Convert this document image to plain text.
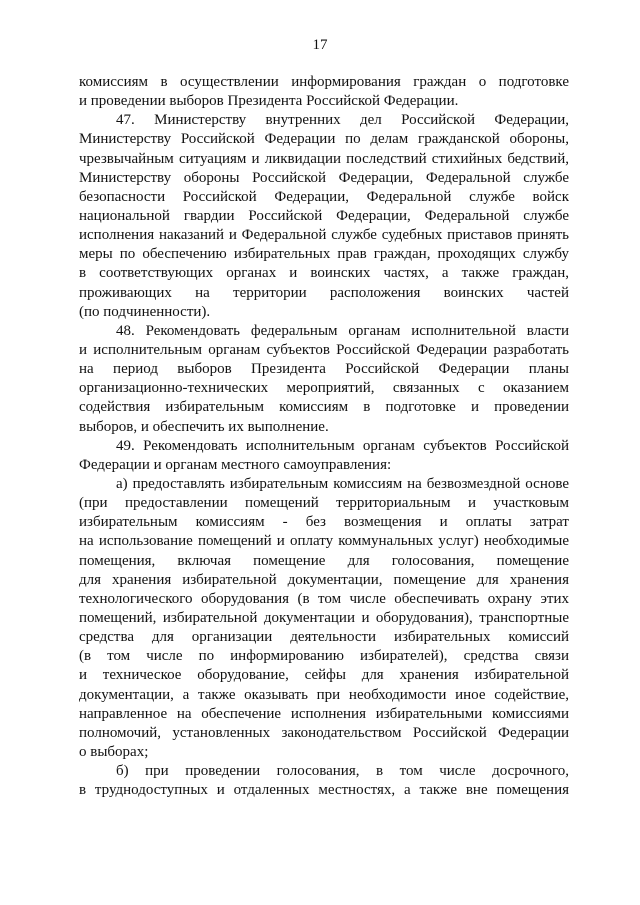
17
комиссиям в осуществлении информирования граждан о подготовке
и проведении выборов Президента Российской Федерации.
47. Министерству внутренних дел Российской Федерации,
Министерству Российской Федерации по делам гражданской обороны,
чрезвычайным ситуациям и ликвидации последствий стихийных бедствий,
Министерству обороны Российской Федерации, Федеральной службе
безопасности Российской Федерации, Федеральной службе войск
национальной гвардии Российской Федерации, Федеральной службе
исполнения наказаний и Федеральной службе судебных приставов принять
меры по обеспечению избирательных прав граждан, проходящих службу
в соответствующих органах и воинских частях, а также граждан,
проживающих на территории расположения воинских частей
(по подчиненности).
48. Рекомендовать федеральным органам исполнительной власти
и исполнительным органам субъектов Российской Федерации разработать
на период выборов Президента Российской Федерации планы
организационно-технических мероприятий, связанных с оказанием
содействия избирательным комиссиям в подготовке и проведении
выборов, и обеспечить их выполнение.
49. Рекомендовать исполнительным органам субъектов Российской
Федерации и органам местного самоуправления:
а) предоставлять избирательным комиссиям на безвозмездной основе
(при предоставлении помещений территориальным и участковым
избирательным комиссиям - без возмещения и оплаты затрат
на использование помещений и оплату коммунальных услуг) необходимые
помещения, включая помещение для голосования, помещение
для хранения избирательной документации, помещение для хранения
технологического оборудования (в том числе обеспечивать охрану этих
помещений, избирательной документации и оборудования), транспортные
средства для организации деятельности избирательных комиссий
(в том числе по информированию избирателей), средства связи
и техническое оборудование, сейфы для хранения избирательной
документации, а также оказывать при необходимости иное содействие,
направленное на обеспечение исполнения избирательными комиссиями
полномочий, установленных законодательством Российской Федерации
о выборах;
б) при проведении голосования, в том числе досрочного,
в труднодоступных и отдаленных местностях, а также вне помещения
